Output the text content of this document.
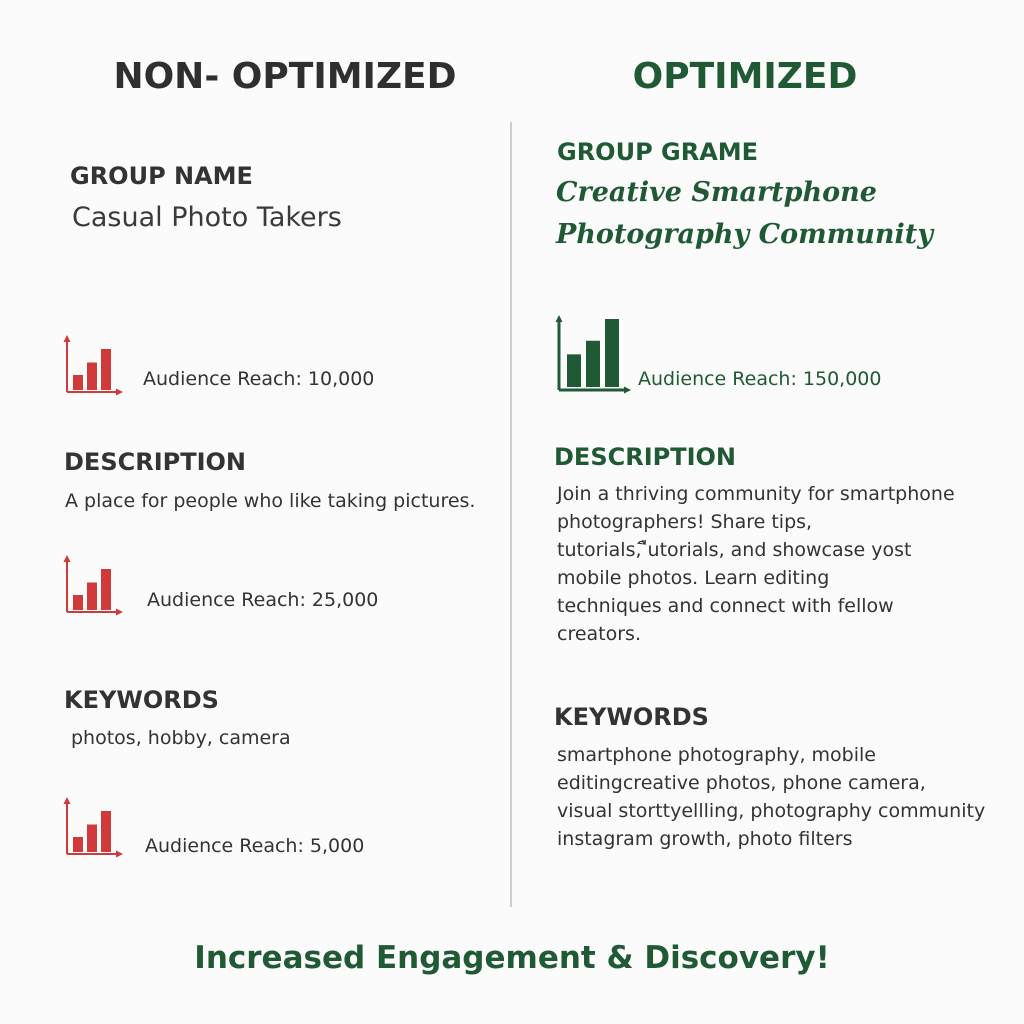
NON- OPTIMIZED	OPTIMIZED
GROUP NAME
Casual Photo Takers
Audience Reach: 10,000
DESCRIPTION
A place for people who like taking pictures.
Audience Reach: 25,000
KEYWORDS
photos, hobby, camera
Audience Reach: 5,000
GROUP GRAME
Creative Smartphone
Photography Community
Audience Reach: 150,000
DESCRIPTION
Join a thriving community for smartphone
photographers! Share tips,
tutorials, ืutorials, and showcase yost
mobile photos. Learn editing
techniques and connect with fellow
creators.
KEYWORDS
smartphone photography, mobile
editingcreative photos, phone camera,
visual storttyellling, photography community
instagram growth, photo filters
Increased Engagement & Discovery!
